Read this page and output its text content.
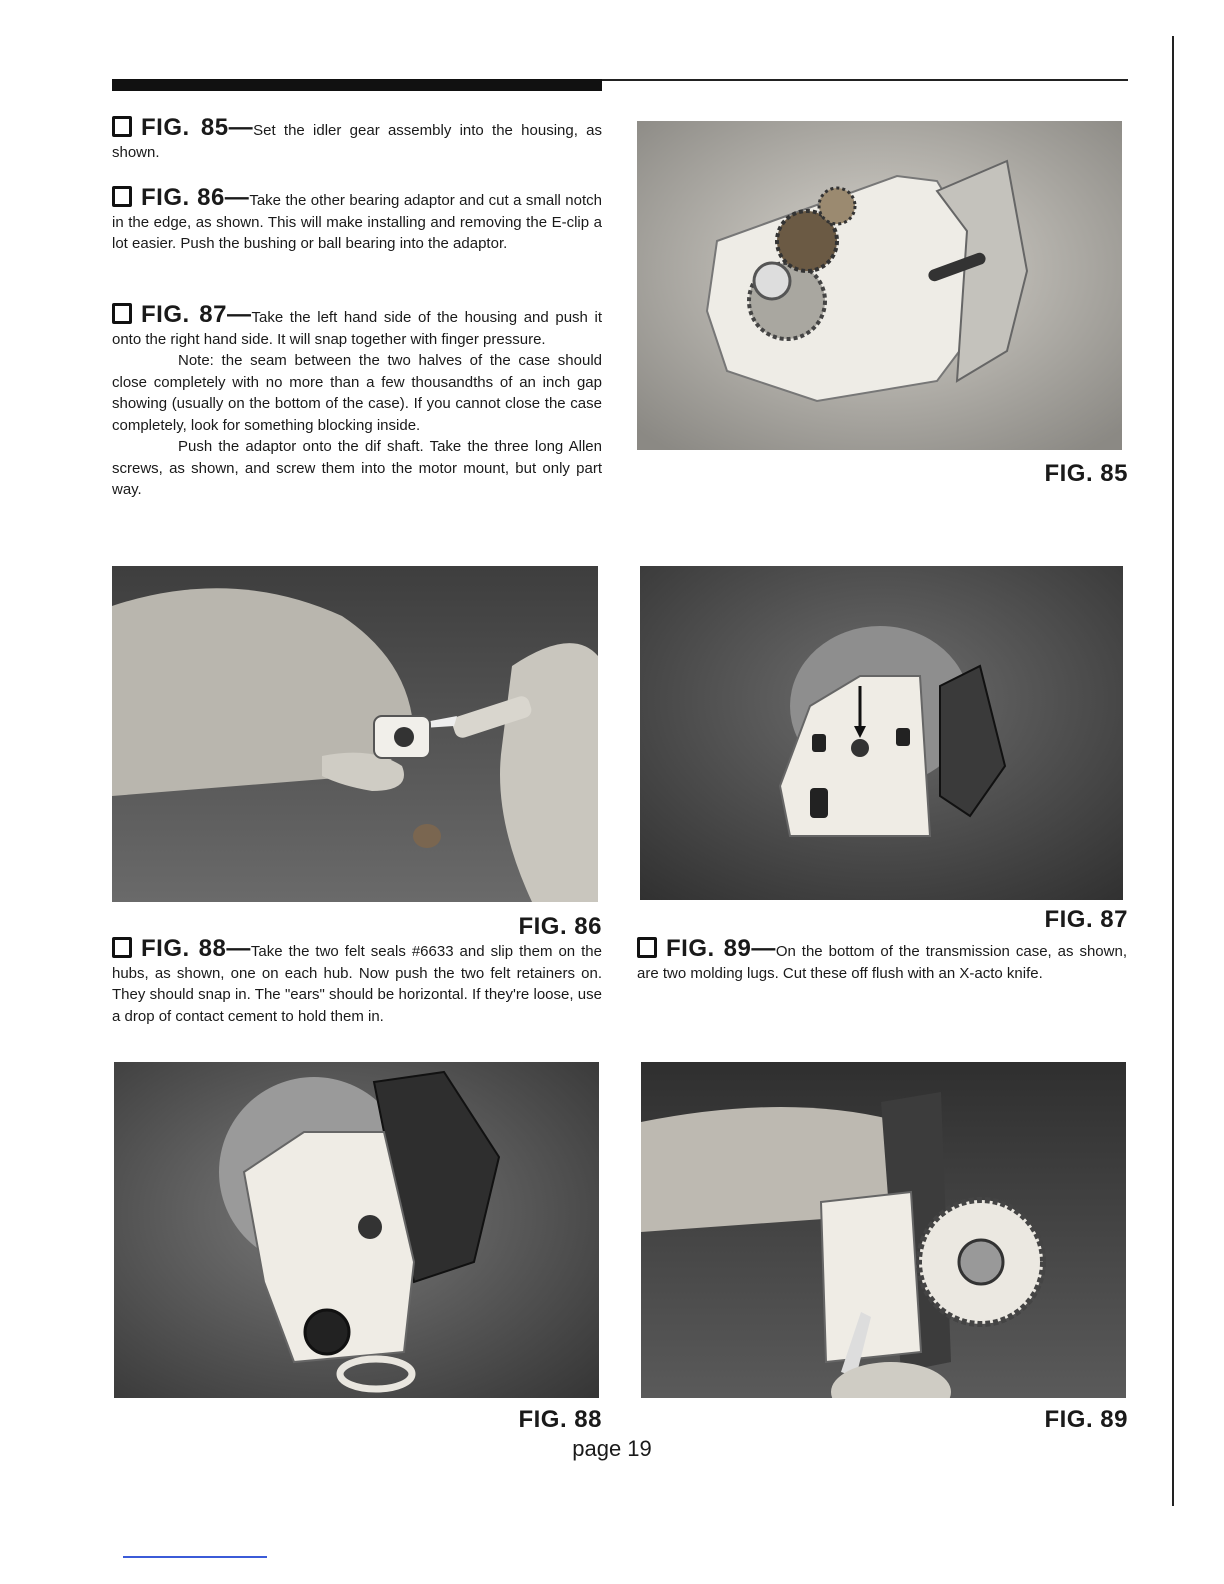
FIG. 85—Set the idler gear assembly into the housing, as shown.

FIG. 86—Take the other bearing adaptor and cut a small notch in the edge, as shown. This will make installing and removing the E-clip a lot easier. Push the bushing or ball bearing into the adaptor.

FIG. 87—Take the left hand side of the housing and push it onto the right hand side. It will snap together with finger pressure.

Note: the seam between the two halves of the case should close completely with no more than a few thousandths of an inch gap showing (usually on the bottom of the case). If you cannot close the case completely, look for something blocking inside.

Push the adaptor onto the dif shaft. Take the three long Allen screws, as shown, and screw them into the motor mount, but only part way.

FIG. 85
FIG. 86	FIG. 87

FIG. 88—Take the two felt seals #6633 and slip them on the hubs, as shown, one on each hub. Now push the two felt retainers on. They should snap in. The "ears" should be horizontal. If they're loose, use a drop of contact cement to hold them in.

FIG. 89—On the bottom of the transmission case, as shown, are two molding lugs. Cut these off flush with an X-acto knife.

FIG. 88	FIG. 89
page 19
